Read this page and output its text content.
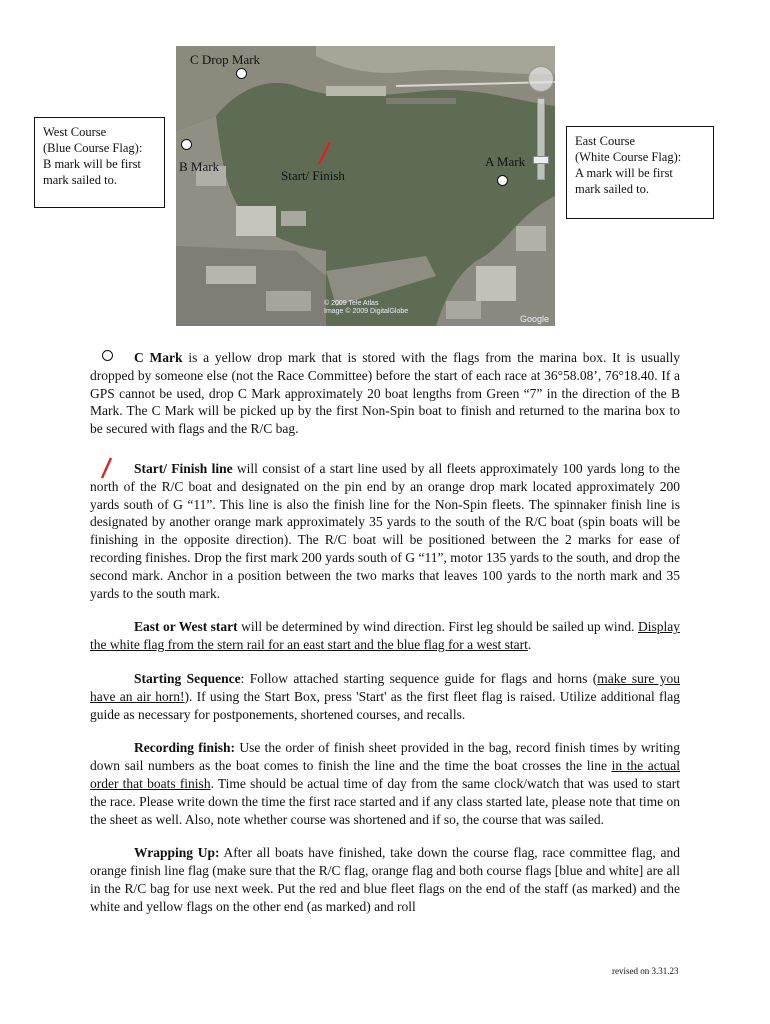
C Drop Mark
B Mark	A Mark
Start/ Finish
© 2009 Tele Atlas
Image © 2009 DigitalGlobe
Google
West Course
(Blue Course Flag):
B mark will be first
mark sailed to.
East Course
(White Course Flag):
A mark will be first
mark sailed to.

C Mark is a yellow drop mark that is stored with the flags from the marina box. It is usually dropped by someone else (not the Race Committee) before the start of each race at 36°58.08’, 76°18.40. If a GPS cannot be used, drop C Mark approximately 20 boat lengths from Green “7” in the direction of the B Mark. The C Mark will be picked up by the first Non-Spin boat to finish and returned to the marina box to be secured with flags and the R/C bag.

Start/ Finish line will consist of a start line used by all fleets approximately 100 yards long to the north of the R/C boat and designated on the pin end by an orange drop mark located approximately 200 yards south of G “11”. This line is also the finish line for the Non-Spin fleets. The spinnaker finish line is designated by another orange mark approximately 35 yards to the south of the R/C boat (spin boats will be finishing in the opposite direction). The R/C boat will be positioned between the 2 marks for ease of recording finishes. Drop the first mark 200 yards south of G “11”, motor 135 yards to the south, and drop the second mark. Anchor in a position between the two marks that leaves 100 yards to the north mark and 35 yards to the south mark.

East or West start will be determined by wind direction. First leg should be sailed up wind. Display the white flag from the stern rail for an east start and the blue flag for a west start.

Starting Sequence: Follow attached starting sequence guide for flags and horns (make sure you have an air horn!). If using the Start Box, press 'Start' as the first fleet flag is raised. Utilize additional flag guide as necessary for postponements, shortened courses, and recalls.

Recording finish: Use the order of finish sheet provided in the bag, record finish times by writing down sail numbers as the boat comes to finish the line and the time the boat crosses the line in the actual order that boats finish. Time should be actual time of day from the same clock/watch that was used to start the race. Please write down the time the first race started and if any class started late, please note that time on the sheet as well. Also, note whether course was shortened and if so, the course that was sailed.

Wrapping Up: After all boats have finished, take down the course flag, race committee flag, and orange finish line flag (make sure that the R/C flag, orange flag and both course flags [blue and white] are all in the R/C bag for use next week. Put the red and blue fleet flags on the end of the staff (as marked) and the white and yellow flags on the other end (as marked) and roll

revised on 3.31.23
